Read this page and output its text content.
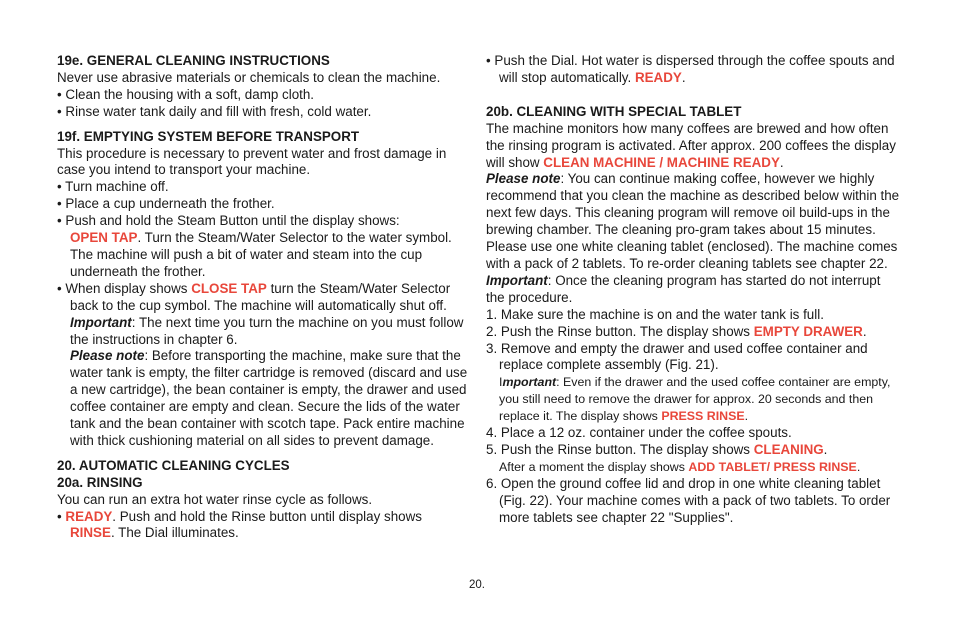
19e. GENERAL CLEANING INSTRUCTIONS

Never use abrasive materials or chemicals to clean the machine.

• Clean the housing with a soft, damp cloth.

• Rinse water tank daily and fill with fresh, cold water.

19f. EMPTYING SYSTEM BEFORE TRANSPORT

This procedure is necessary to prevent water and frost damage in case you intend to transport your machine.

• Turn machine off.

• Place a cup underneath the frother.

• Push and hold the Steam Button until the display shows:

OPEN TAP. Turn the Steam/Water Selector to the water symbol. The machine will push a bit of water and steam into the cup underneath the frother.

• When display shows CLOSE TAP turn the Steam/Water Selector back to the cup symbol. The machine will automatically shut off.

Important: The next time you turn the machine on you must follow the instructions in chapter 6.

Please note: Before transporting the machine, make sure that the water tank is empty, the filter cartridge is removed (discard and use a new cartridge), the bean container is empty, the drawer and used coffee container are empty and clean. Secure the lids of the water tank and the bean container with scotch tape. Pack entire machine with thick cushioning material on all sides to prevent damage.

20. AUTOMATIC CLEANING CYCLES

20a. RINSING

You can run an extra hot water rinse cycle as follows.

• READY. Push and hold the Rinse button until display shows
RINSE. The Dial illuminates.

• Push the Dial. Hot water is dispersed through the coffee spouts and will stop automatically. READY.

20b. CLEANING WITH SPECIAL TABLET

The machine monitors how many coffees are brewed and how often the rinsing program is activated. After approx. 200 coffees the display will show CLEAN MACHINE / MACHINE READY.

Please note: You can continue making coffee, however we highly recommend that you clean the machine as described below within the next few days. This cleaning program will remove oil build-ups in the brewing chamber. The cleaning pro-gram takes about 15 minutes. Please use one white cleaning tablet (enclosed). The machine comes with a pack of 2 tablets. To re-order cleaning tablets see chapter 22.

Important: Once the cleaning program has started do not interrupt the procedure.

1. Make sure the machine is on and the water tank is full.

2. Push the Rinse button. The display shows EMPTY DRAWER.

3. Remove and empty the drawer and used coffee container and replace complete assembly (Fig. 21).

Important: Even if the drawer and the used coffee container are empty, you still need to remove the drawer for approx. 20 seconds and then replace it. The display shows PRESS RINSE.

4. Place a 12 oz. container under the coffee spouts.

5. Push the Rinse button. The display shows CLEANING.

After a moment the display shows ADD TABLET/ PRESS RINSE.

6. Open the ground coffee lid and drop in one white cleaning tablet (Fig. 22). Your machine comes with a pack of two tablets. To order more tablets see chapter 22 "Supplies".

20.
